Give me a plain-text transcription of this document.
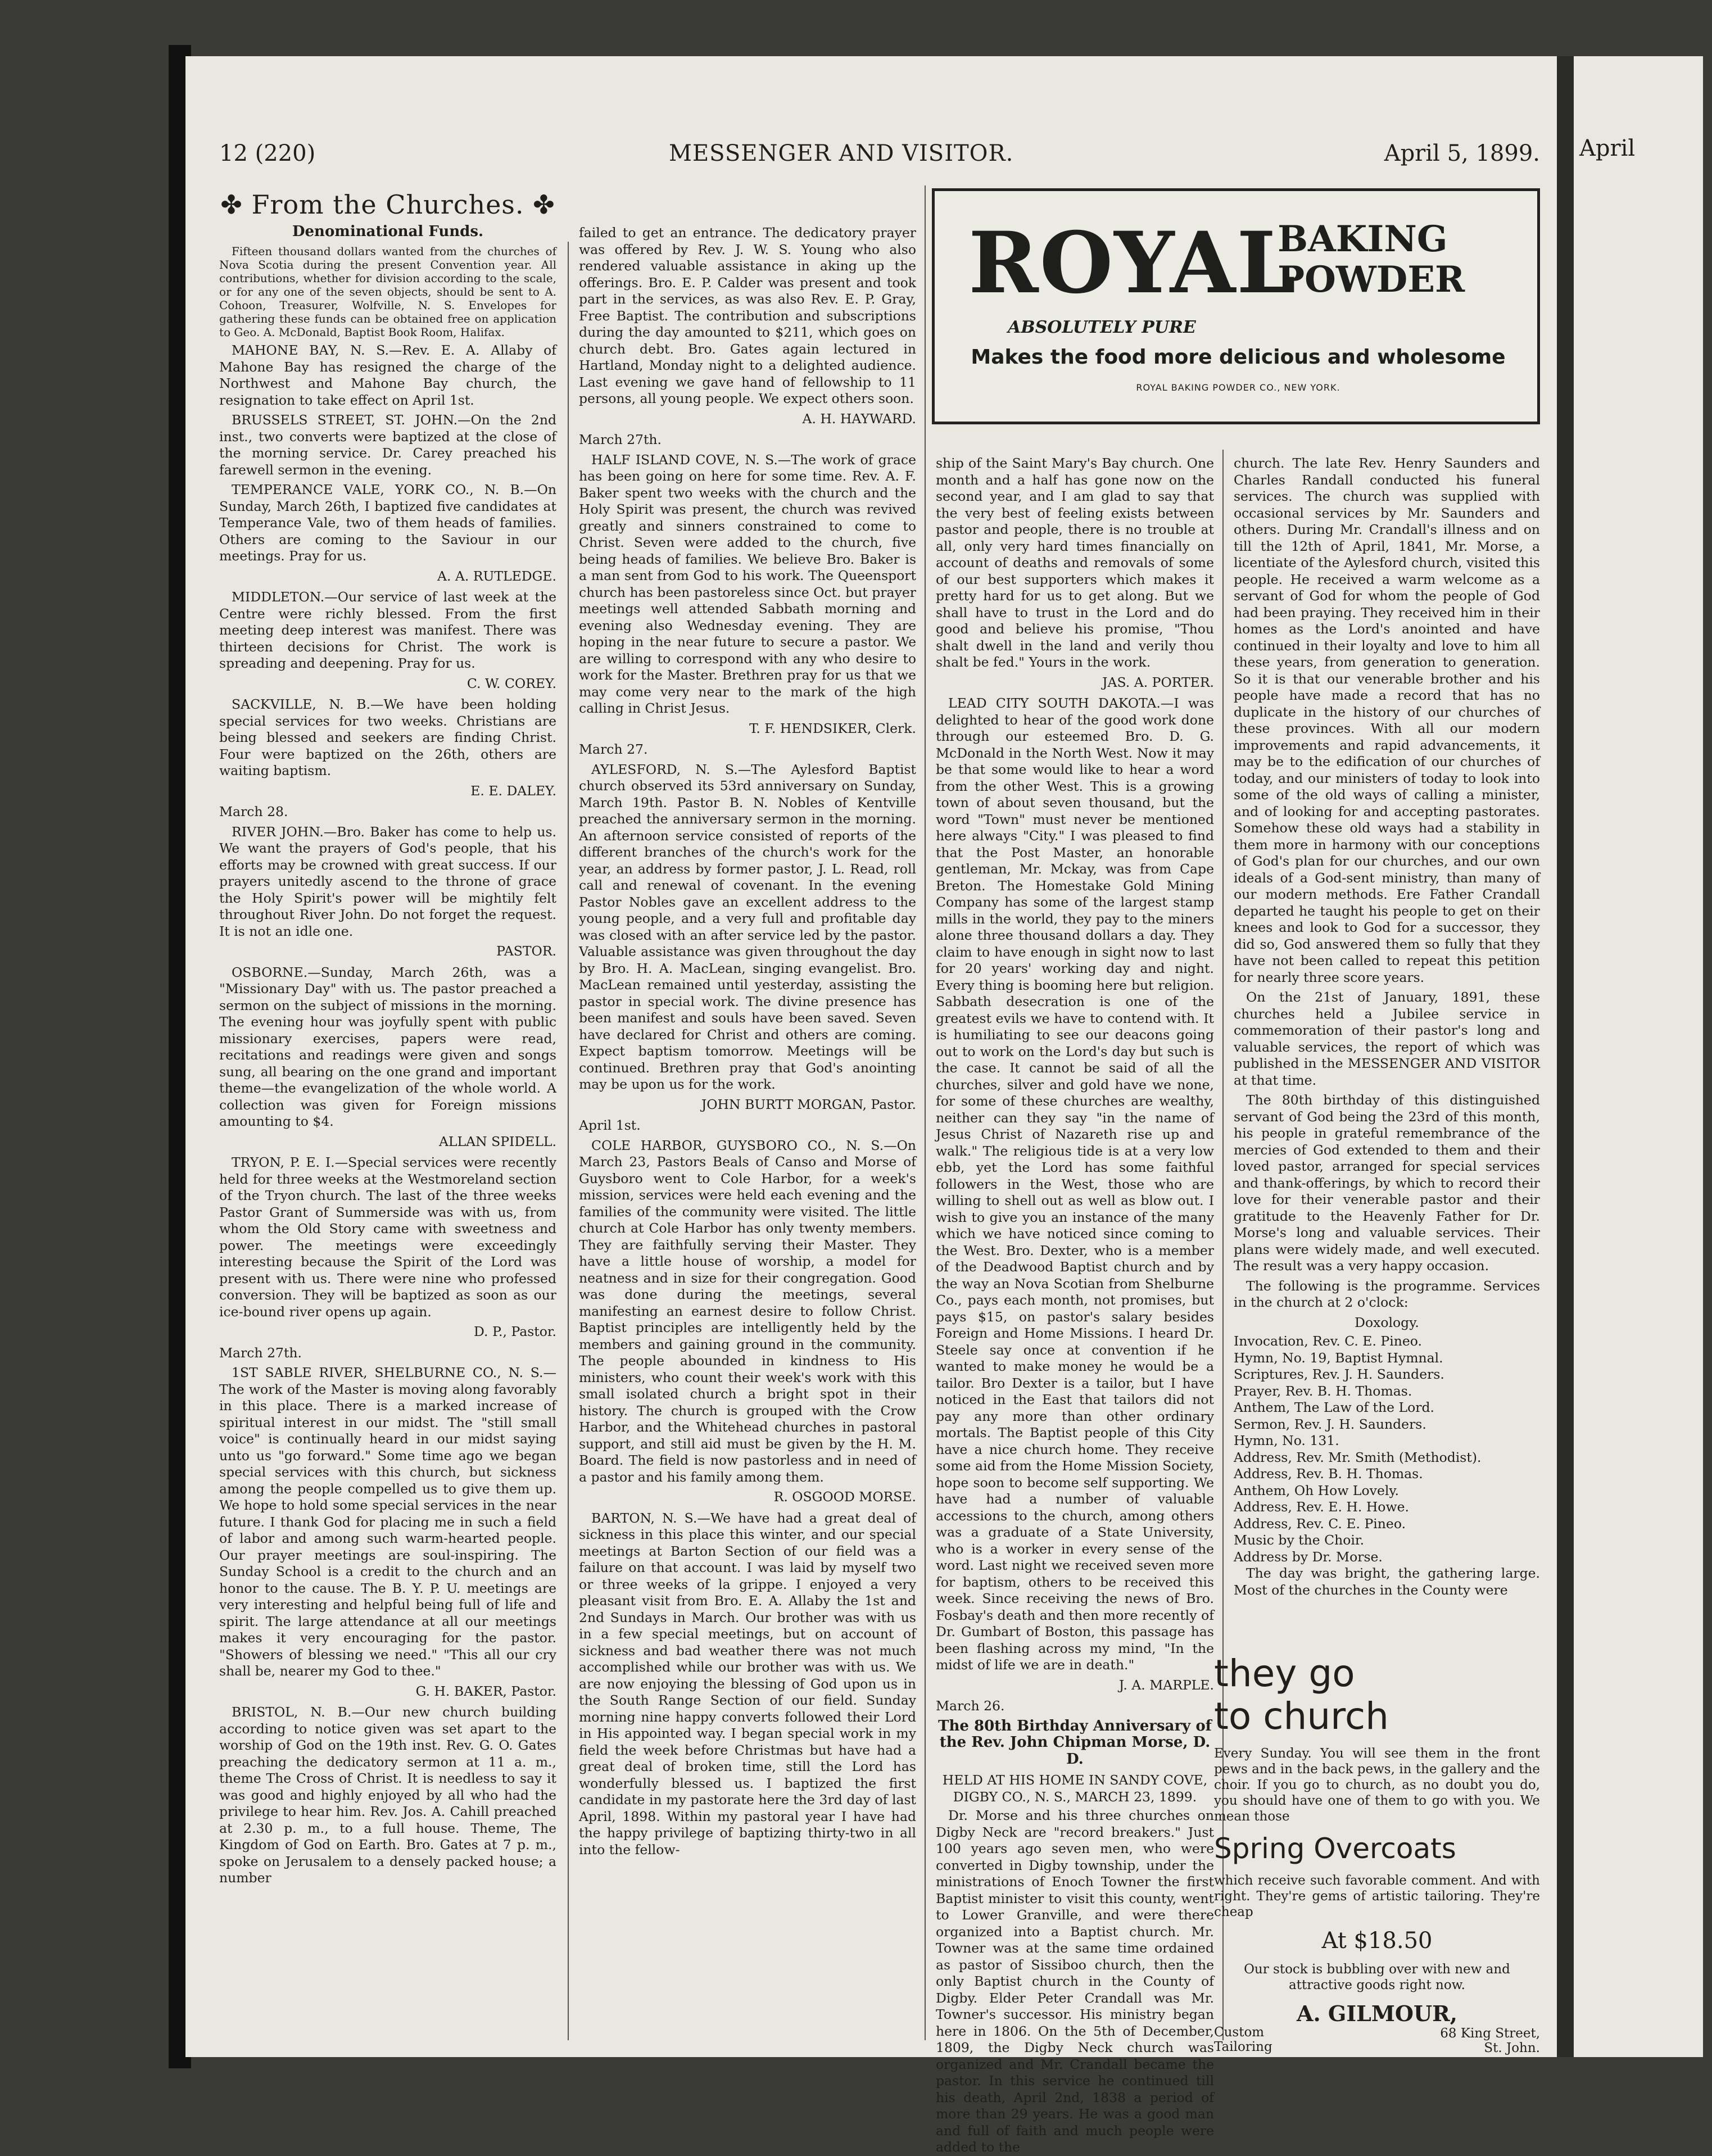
12 (220)	MESSENGER AND VISITOR.	April 5, 1899.
✤ From the Churches. ✤
Denominational Funds.

Fifteen thousand dollars wanted from the churches of Nova Scotia during the present Convention year. All contributions, whether for division according to the scale, or for any one of the seven objects, should be sent to A. Cohoon, Treasurer, Wolfville, N. S. Envelopes for gathering these funds can be obtained free on application to Geo. A. McDonald, Baptist Book Room, Halifax.

MAHONE BAY, N. S.—Rev. E. A. Allaby of Mahone Bay has resigned the charge of the Northwest and Mahone Bay church, the resignation to take effect on April 1st.

BRUSSELS STREET, ST. JOHN.—On the 2nd inst., two converts were baptized at the close of the morning service. Dr. Carey preached his farewell sermon in the evening.

TEMPERANCE VALE, YORK CO., N. B.—On Sunday, March 26th, I baptized five candidates at Temperance Vale, two of them heads of families. Others are coming to the Saviour in our meetings. Pray for us.

A. A. RUTLEDGE.

MIDDLETON.—Our service of last week at the Centre were richly blessed. From the first meeting deep interest was manifest. There was thirteen decisions for Christ. The work is spreading and deepening. Pray for us.

C. W. COREY.

SACKVILLE, N. B.—We have been holding special services for two weeks. Christians are being blessed and seekers are finding Christ. Four were baptized on the 26th, others are waiting baptism.

E. E. DALEY.

March 28.

RIVER JOHN.—Bro. Baker has come to help us. We want the prayers of God's people, that his efforts may be crowned with great success. If our prayers unitedly ascend to the throne of grace the Holy Spirit's power will be mightily felt throughout River John. Do not forget the request. It is not an idle one.

PASTOR.

OSBORNE.—Sunday, March 26th, was a "Missionary Day" with us. The pastor preached a sermon on the subject of missions in the morning. The evening hour was joyfully spent with public missionary exercises, papers were read, recitations and readings were given and songs sung, all bearing on the one grand and important theme—the evangelization of the whole world. A collection was given for Foreign missions amounting to $4.

ALLAN SPIDELL.

TRYON, P. E. I.—Special services were recently held for three weeks at the Westmoreland section of the Tryon church. The last of the three weeks Pastor Grant of Summerside was with us, from whom the Old Story came with sweetness and power. The meetings were exceedingly interesting because the Spirit of the Lord was present with us. There were nine who professed conversion. They will be baptized as soon as our ice-bound river opens up again.

D. P., Pastor.

March 27th.

1ST SABLE RIVER, SHELBURNE CO., N. S.—The work of the Master is moving along favorably in this place. There is a marked increase of spiritual interest in our midst. The "still small voice" is continually heard in our midst saying unto us "go forward." Some time ago we began special services with this church, but sickness among the people compelled us to give them up. We hope to hold some special services in the near future. I thank God for placing me in such a field of labor and among such warm-hearted people. Our prayer meetings are soul-inspiring. The Sunday School is a credit to the church and an honor to the cause. The B. Y. P. U. meetings are very interesting and helpful being full of life and spirit. The large attendance at all our meetings makes it very encouraging for the pastor. "Showers of blessing we need." "This all our cry shall be, nearer my God to thee."

G. H. BAKER, Pastor.

BRISTOL, N. B.—Our new church building according to notice given was set apart to the worship of God on the 19th inst. Rev. G. O. Gates preaching the dedicatory sermon at 11 a. m., theme The Cross of Christ. It is needless to say it was good and highly enjoyed by all who had the privilege to hear him. Rev. Jos. A. Cahill preached at 2.30 p. m., to a full house. Theme, The Kingdom of God on Earth. Bro. Gates at 7 p. m., spoke on Jerusalem to a densely packed house; a number

failed to get an entrance. The dedicatory prayer was offered by Rev. J. W. S. Young who also rendered valuable assistance in aking up the offerings. Bro. E. P. Calder was present and took part in the services, as was also Rev. E. P. Gray, Free Baptist. The contribution and subscriptions during the day amounted to $211, which goes on church debt. Bro. Gates again lectured in Hartland, Monday night to a delighted audience. Last evening we gave hand of fellowship to 11 persons, all young people. We expect others soon.

A. H. HAYWARD.

March 27th.

HALF ISLAND COVE, N. S.—The work of grace has been going on here for some time. Rev. A. F. Baker spent two weeks with the church and the Holy Spirit was present, the church was revived greatly and sinners constrained to come to Christ. Seven were added to the church, five being heads of families. We believe Bro. Baker is a man sent from God to his work. The Queensport church has been pastoreless since Oct. but prayer meetings well attended Sabbath morning and evening also Wednesday evening. They are hoping in the near future to secure a pastor. We are willing to correspond with any who desire to work for the Master. Brethren pray for us that we may come very near to the mark of the high calling in Christ Jesus.

T. F. HENDSIKER, Clerk.

March 27.

AYLESFORD, N. S.—The Aylesford Baptist church observed its 53rd anniversary on Sunday, March 19th. Pastor B. N. Nobles of Kentville preached the anniversary sermon in the morning. An afternoon service consisted of reports of the different branches of the church's work for the year, an address by former pastor, J. L. Read, roll call and renewal of covenant. In the evening Pastor Nobles gave an excellent address to the young people, and a very full and profitable day was closed with an after service led by the pastor. Valuable assistance was given throughout the day by Bro. H. A. MacLean, singing evangelist. Bro. MacLean remained until yesterday, assisting the pastor in special work. The divine presence has been manifest and souls have been saved. Seven have declared for Christ and others are coming. Expect baptism tomorrow. Meetings will be continued. Brethren pray that God's anointing may be upon us for the work.

JOHN BURTT MORGAN, Pastor.

April 1st.

COLE HARBOR, GUYSBORO CO., N. S.—On March 23, Pastors Beals of Canso and Morse of Guysboro went to Cole Harbor, for a week's mission, services were held each evening and the families of the community were visited. The little church at Cole Harbor has only twenty members. They are faithfully serving their Master. They have a little house of worship, a model for neatness and in size for their congregation. Good was done during the meetings, several manifesting an earnest desire to follow Christ. Baptist principles are intelligently held by the members and gaining ground in the community. The people abounded in kindness to His ministers, who count their week's work with this small isolated church a bright spot in their history. The church is grouped with the Crow Harbor, and the Whitehead churches in pastoral support, and still aid must be given by the H. M. Board. The field is now pastorless and in need of a pastor and his family among them.

R. OSGOOD MORSE.

BARTON, N. S.—We have had a great deal of sickness in this place this winter, and our special meetings at Barton Section of our field was a failure on that account. I was laid by myself two or three weeks of la grippe. I enjoyed a very pleasant visit from Bro. E. A. Allaby the 1st and 2nd Sundays in March. Our brother was with us in a few special meetings, but on account of sickness and bad weather there was not much accomplished while our brother was with us. We are now enjoying the blessing of God upon us in the South Range Section of our field. Sunday morning nine happy converts followed their Lord in His appointed way. I began special work in my field the week before Christmas but have had a great deal of broken time, still the Lord has wonderfully blessed us. I baptized the first candidate in my pastorate here the 3rd day of last April, 1898. Within my pastoral year I have had the happy privilege of baptizing thirty-two in all into the fellow-

ROYAL
BAKING
POWDER
ABSOLUTELY PURE
Makes the food more delicious and wholesome
ROYAL BAKING POWDER CO., NEW YORK.

ship of the Saint Mary's Bay church. One month and a half has gone now on the second year, and I am glad to say that the very best of feeling exists between pastor and people, there is no trouble at all, only very hard times financially on account of deaths and removals of some of our best supporters which makes it pretty hard for us to get along. But we shall have to trust in the Lord and do good and believe his promise, "Thou shalt dwell in the land and verily thou shalt be fed." Yours in the work.

JAS. A. PORTER.

LEAD CITY SOUTH DAKOTA.—I was delighted to hear of the good work done through our esteemed Bro. D. G. McDonald in the North West. Now it may be that some would like to hear a word from the other West. This is a growing town of about seven thousand, but the word "Town" must never be mentioned here always "City." I was pleased to find that the Post Master, an honorable gentleman, Mr. Mckay, was from Cape Breton. The Homestake Gold Mining Company has some of the largest stamp mills in the world, they pay to the miners alone three thousand dollars a day. They claim to have enough in sight now to last for 20 years' working day and night. Every thing is booming here but religion. Sabbath desecration is one of the greatest evils we have to contend with. It is humiliating to see our deacons going out to work on the Lord's day but such is the case. It cannot be said of all the churches, silver and gold have we none, for some of these churches are wealthy, neither can they say "in the name of Jesus Christ of Nazareth rise up and walk." The religious tide is at a very low ebb, yet the Lord has some faithful followers in the West, those who are willing to shell out as well as blow out. I wish to give you an instance of the many which we have noticed since coming to the West. Bro. Dexter, who is a member of the Deadwood Baptist church and by the way an Nova Scotian from Shelburne Co., pays each month, not promises, but pays $15, on pastor's salary besides Foreign and Home Missions. I heard Dr. Steele say once at convention if he wanted to make money he would be a tailor. Bro Dexter is a tailor, but I have noticed in the East that tailors did not pay any more than other ordinary mortals. The Baptist people of this City have a nice church home. They receive some aid from the Home Mission Society, hope soon to become self supporting. We have had a number of valuable accessions to the church, among others was a graduate of a State University, who is a worker in every sense of the word. Last night we received seven more for baptism, others to be received this week. Since receiving the news of Bro. Fosbay's death and then more recently of Dr. Gumbart of Boston, this passage has been flashing across my mind, "In the midst of life we are in death."

J. A. MARPLE.

March 26.

The 80th Birthday Anniversary of the Rev. John Chipman Morse, D. D.
HELD AT HIS HOME IN SANDY COVE, DIGBY CO., N. S., MARCH 23, 1899.

Dr. Morse and his three churches on Digby Neck are "record breakers." Just 100 years ago seven men, who were converted in Digby township, under the ministrations of Enoch Towner the first Baptist minister to visit this county, went to Lower Granville, and were there organized into a Baptist church. Mr. Towner was at the same time ordained as pastor of Sissiboo church, then the only Baptist church in the County of Digby. Elder Peter Crandall was Mr. Towner's successor. His ministry began here in 1806. On the 5th of December, 1809, the Digby Neck church was organized and Mr. Crandall became the pastor. In this service he continued till his death, April 2nd, 1838 a period of more than 29 years. He was a good man and full of faith and much people were added to the

church. The late Rev. Henry Saunders and Charles Randall conducted his funeral services. The church was supplied with occasional services by Mr. Saunders and others. During Mr. Crandall's illness and on till the 12th of April, 1841, Mr. Morse, a licentiate of the Aylesford church, visited this people. He received a warm welcome as a servant of God for whom the people of God had been praying. They received him in their homes as the Lord's anointed and have continued in their loyalty and love to him all these years, from generation to generation. So it is that our venerable brother and his people have made a record that has no duplicate in the history of our churches of these provinces. With all our modern improvements and rapid advancements, it may be to the edification of our churches of today, and our ministers of today to look into some of the old ways of calling a minister, and of looking for and accepting pastorates. Somehow these old ways had a stability in them more in harmony with our conceptions of God's plan for our churches, and our own ideals of a God-sent ministry, than many of our modern methods. Ere Father Crandall departed he taught his people to get on their knees and look to God for a successor, they did so, God answered them so fully that they have not been called to repeat this petition for nearly three score years.

On the 21st of January, 1891, these churches held a Jubilee service in commemoration of their pastor's long and valuable services, the report of which was published in the MESSENGER AND VISITOR at that time.

The 80th birthday of this distinguished servant of God being the 23rd of this month, his people in grateful remembrance of the mercies of God extended to them and their loved pastor, arranged for special services and thank-offerings, by which to record their love for their venerable pastor and their gratitude to the Heavenly Father for Dr. Morse's long and valuable services. Their plans were widely made, and well executed. The result was a very happy occasion.

The following is the programme. Services in the church at 2 o'clock:

Doxology.

Invocation, Rev. C. E. Pineo.

Hymn, No. 19, Baptist Hymnal.

Scriptures, Rev. J. H. Saunders.

Prayer, Rev. B. H. Thomas.

Anthem, The Law of the Lord.

Sermon, Rev. J. H. Saunders.

Hymn, No. 131.

Address, Rev. Mr. Smith (Methodist).

Address, Rev. B. H. Thomas.

Anthem, Oh How Lovely.

Address, Rev. E. H. Howe.

Address, Rev. C. E. Pineo.

Music by the Choir.

Address by Dr. Morse.

The day was bright, the gathering large. Most of the churches in the County were

they go
to church
Every Sunday. You will see them in the front pews and in the back pews, in the gallery and the choir. If you go to church, as no doubt you do, you should have one of them to go with you. We mean those
Spring Overcoats
which receive such favorable comment. And with right. They're gems of artistic tailoring. They're cheap
At $18.50
Our stock is bubbling over with new and attractive goods right now.
A. GILMOUR,
68 King Street,
St. John.
Custom
Tailoring
April
